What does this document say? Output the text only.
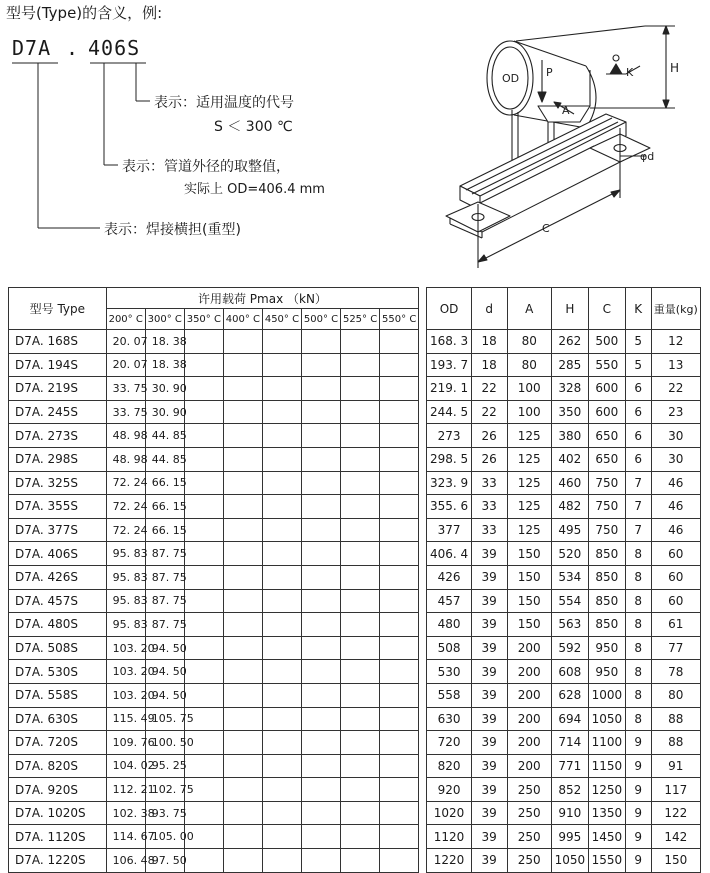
型号(Type)的含义，例:
D7A . 406S
表示：适用温度的代号
S ＜ 300 ℃
表示：管道外径的取整值，
实际上 OD=406.4 mm
表示：焊接横担(重型)
OD P	K	H
A
φd
C
型号 Type	许用载荷 Pmax （kN）									OD	d	A	H	C	K	重量(kg)
	200° C	300° C	350° C	400° C	450° C	500° C	525° C	550° C								
D7A. 168S	20. 07	18. 38								168. 3	18	80	262	500	5	12
D7A. 194S	20. 07	18. 38								193. 7	18	80	285	550	5	13
D7A. 219S	33. 75	30. 90								219. 1	22	100	328	600	6	22
D7A. 245S	33. 75	30. 90								244. 5	22	100	350	600	6	23
D7A. 273S	48. 98	44. 85								273	26	125	380	650	6	30
D7A. 298S	48. 98	44. 85								298. 5	26	125	402	650	6	30
D7A. 325S	72. 24	66. 15								323. 9	33	125	460	750	7	46
D7A. 355S	72. 24	66. 15								355. 6	33	125	482	750	7	46
D7A. 377S	72. 24	66. 15								377	33	125	495	750	7	46
D7A. 406S	95. 83	87. 75								406. 4	39	150	520	850	8	60
D7A. 426S	95. 83	87. 75								426	39	150	534	850	8	60
D7A. 457S	95. 83	87. 75								457	39	150	554	850	8	60
D7A. 480S	95. 83	87. 75								480	39	150	563	850	8	61
D7A. 508S	103. 20	94. 50								508	39	200	592	950	8	77
D7A. 530S	103. 20	94. 50								530	39	200	608	950	8	78
D7A. 558S	103. 20	94. 50								558	39	200	628	1000	8	80
D7A. 630S	115. 49	105. 75								630	39	200	694	1050	8	88
D7A. 720S	109. 76	100. 50								720	39	200	714	1100	9	88
D7A. 820S	104. 02	95. 25								820	39	200	771	1150	9	91
D7A. 920S	112. 21	102. 75								920	39	250	852	1250	9	117
D7A. 1020S	102. 38	93. 75								1020	39	250	910	1350	9	122
D7A. 1120S	114. 67	105. 00								1120	39	250	995	1450	9	142
D7A. 1220S	106. 48	97. 50								1220	39	250	1050	1550	9	150
